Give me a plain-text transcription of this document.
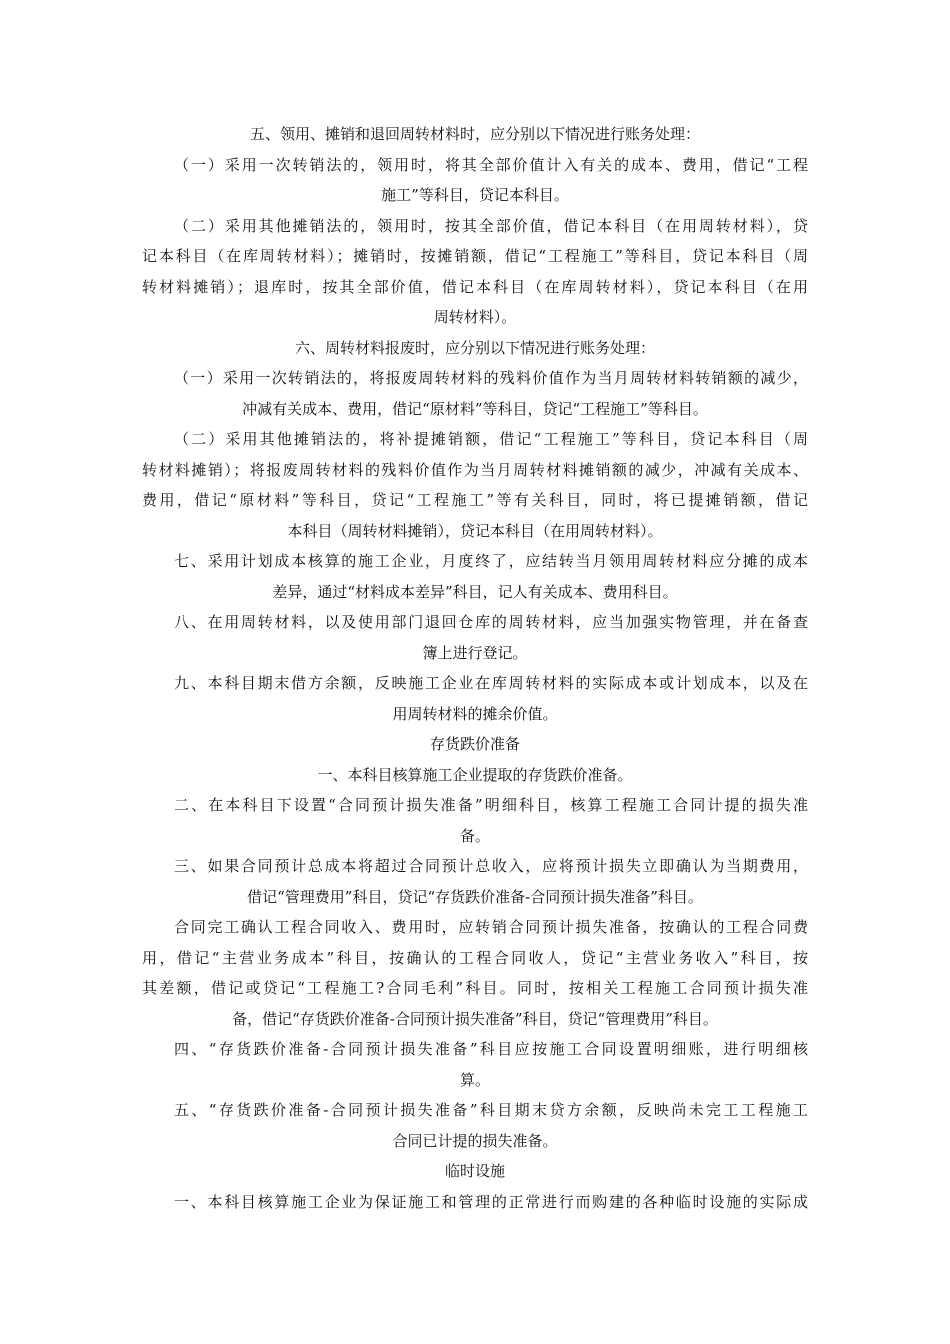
五、领用、摊销和退回周转材料时，应分别以下情况进行账务处理：
（一）采用一次转销法的，领用时，将其全部价值计入有关的成本、费用，借记“工程
施工”等科目，贷记本科目。
（二）采用其他摊销法的，领用时，按其全部价值，借记本科目（在用周转材料），贷
记本科目（在库周转材料）；摊销时，按摊销额，借记“工程施工”等科目，贷记本科目（周
转材料摊销）；退库时，按其全部价值，借记本科目（在库周转材料），贷记本科目（在用
周转材料）。
六、周转材料报废时，应分别以下情况进行账务处理：
（一）采用一次转销法的，将报废周转材料的残料价值作为当月周转材料转销额的减少，
冲减有关成本、费用，借记“原材料”等科目，贷记“工程施工”等科目。
（二）采用其他摊销法的，将补提摊销额，借记“工程施工”等科目，贷记本科目（周
转材料摊销）；将报废周转材料的残料价值作为当月周转材料摊销额的减少，冲减有关成本、
费用，借记“原材料”等科目，贷记“工程施工”等有关科目，同时，将已提摊销额，借记
本科目（周转材料摊销），贷记本科目（在用周转材料）。
七、采用计划成本核算的施工企业，月度终了，应结转当月领用周转材料应分摊的成本
差异，通过“材料成本差异”科目，记人有关成本、费用科目。
八、在用周转材料，以及使用部门退回仓库的周转材料，应当加强实物管理，并在备查
簿上进行登记。
九、本科目期末借方余额，反映施工企业在库周转材料的实际成本或计划成本，以及在
用周转材料的摊余价值。
存货跌价准备
一、本科目核算施工企业提取的存货跌价准备。
二、在本科目下设置“合同预计损失准备”明细科目，核算工程施工合同计提的损失准
备。
三、如果合同预计总成本将超过合同预计总收入，应将预计损失立即确认为当期费用，
借记“管理费用”科目，贷记“存货跌价准备-合同预计损失准备”科目。
合同完工确认工程合同收入、费用时，应转销合同预计损失准备，按确认的工程合同费
用，借记“主营业务成本”科目，按确认的工程合同收人，贷记“主营业务收入”科目，按
其差额，借记或贷记“工程施工?合同毛利”科目。同时，按相关工程施工合同预计损失准
备，借记“存货跌价准备-合同预计损失准备”科目，贷记“管理费用”科目。
四、“存货跌价准备-合同预计损失准备”科目应按施工合同设置明细账，进行明细核
算。
五、“存货跌价准备-合同预计损失准备”科目期末贷方余额，反映尚未完工工程施工
合同已计提的损失准备。
临时设施
一、本科目核算施工企业为保证施工和管理的正常进行而购建的各种临时设施的实际成
